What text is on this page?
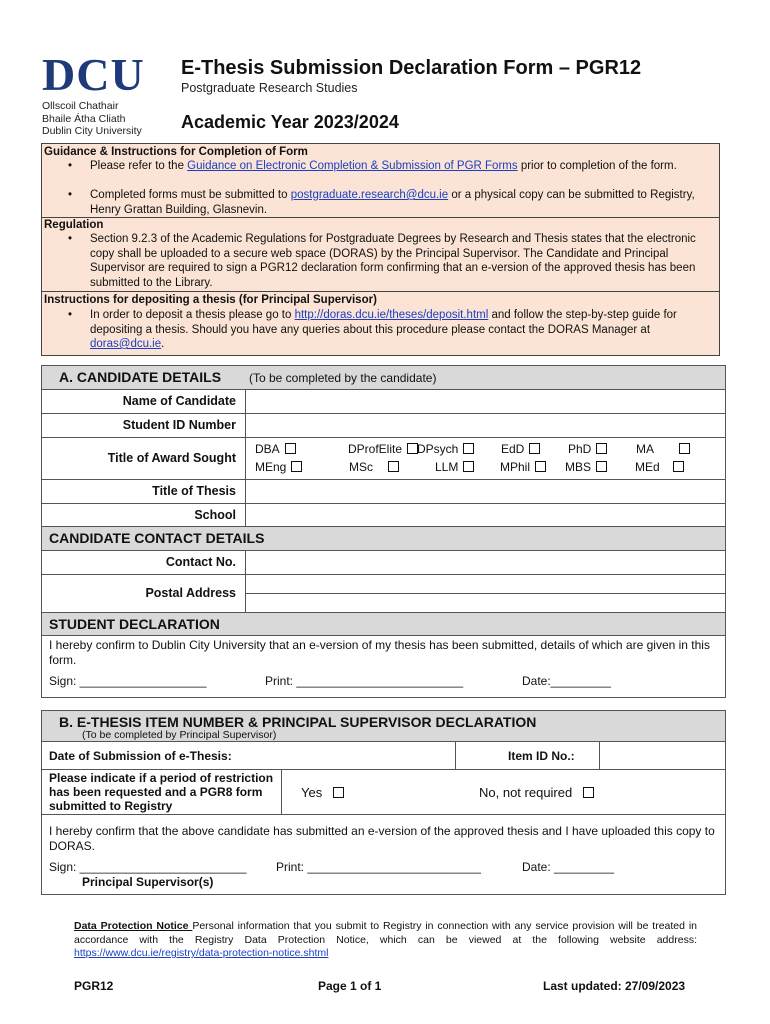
DCU
Ollscoil Chathair
Bhaile Átha Cliath
Dublin City University
E-Thesis Submission Declaration Form – PGR12
Postgraduate Research Studies
Academic Year 2023/2024
Guidance & Instructions for Completion of Form
• Please refer to the Guidance on Electronic Completion & Submission of PGR Forms prior to completion of the form.
• Completed forms must be submitted to postgraduate.research@dcu.ie or a physical copy can be submitted to Registry, Henry Grattan Building, Glasnevin.
Regulation
• Section 9.2.3 of the Academic Regulations for Postgraduate Degrees by Research and Thesis states that the electronic copy shall be uploaded to a secure web space (DORAS) by the Principal Supervisor. The Candidate and Principal Supervisor are required to sign a PGR12 declaration form confirming that an e-version of the approved thesis has been submitted to the Library.
Instructions for depositing a thesis (for Principal Supervisor)
• In order to deposit a thesis please go to http://doras.dcu.ie/theses/deposit.html and follow the step-by-step guide for depositing a thesis. Should you have any queries about this procedure please contact the DORAS Manager at doras@dcu.ie.
A. CANDIDATE DETAILS (To be completed by the candidate)
Name of Candidate
Student ID Number
Title of Award Sought
DBA	DProfElite	DPsych	EdD	PhD	MA
MEng	MSc	LLM	MPhil	MBS	MEd
Title of Thesis
School
CANDIDATE CONTACT DETAILS
Contact No.
Postal Address
STUDENT DECLARATION
I hereby confirm to Dublin City University that an e-version of my thesis has been submitted, details of which are given in this form.
Sign: ___________________	Print: _________________________	Date:_________
B. E-THESIS ITEM NUMBER & PRINCIPAL SUPERVISOR DECLARATION
(To be completed by Principal Supervisor)
Date of Submission of e-Thesis:	Item ID No.:
Please indicate if a period of restriction has been requested and a PGR8 form submitted to Registry
Yes	No, not required
I hereby confirm that the above candidate has submitted an e-version of the approved thesis and I have uploaded this copy to DORAS.
Sign: _________________________ Print: __________________________	Date: _________
Principal Supervisor(s)
Data Protection Notice Personal information that you submit to Registry in connection with any service provision will be treated in accordance with the Registry Data Protection Notice, which can be viewed at the following website address: https://www.dcu.ie/registry/data-protection-notice.shtml
PGR12	Page 1 of 1	Last updated: 27/09/2023
